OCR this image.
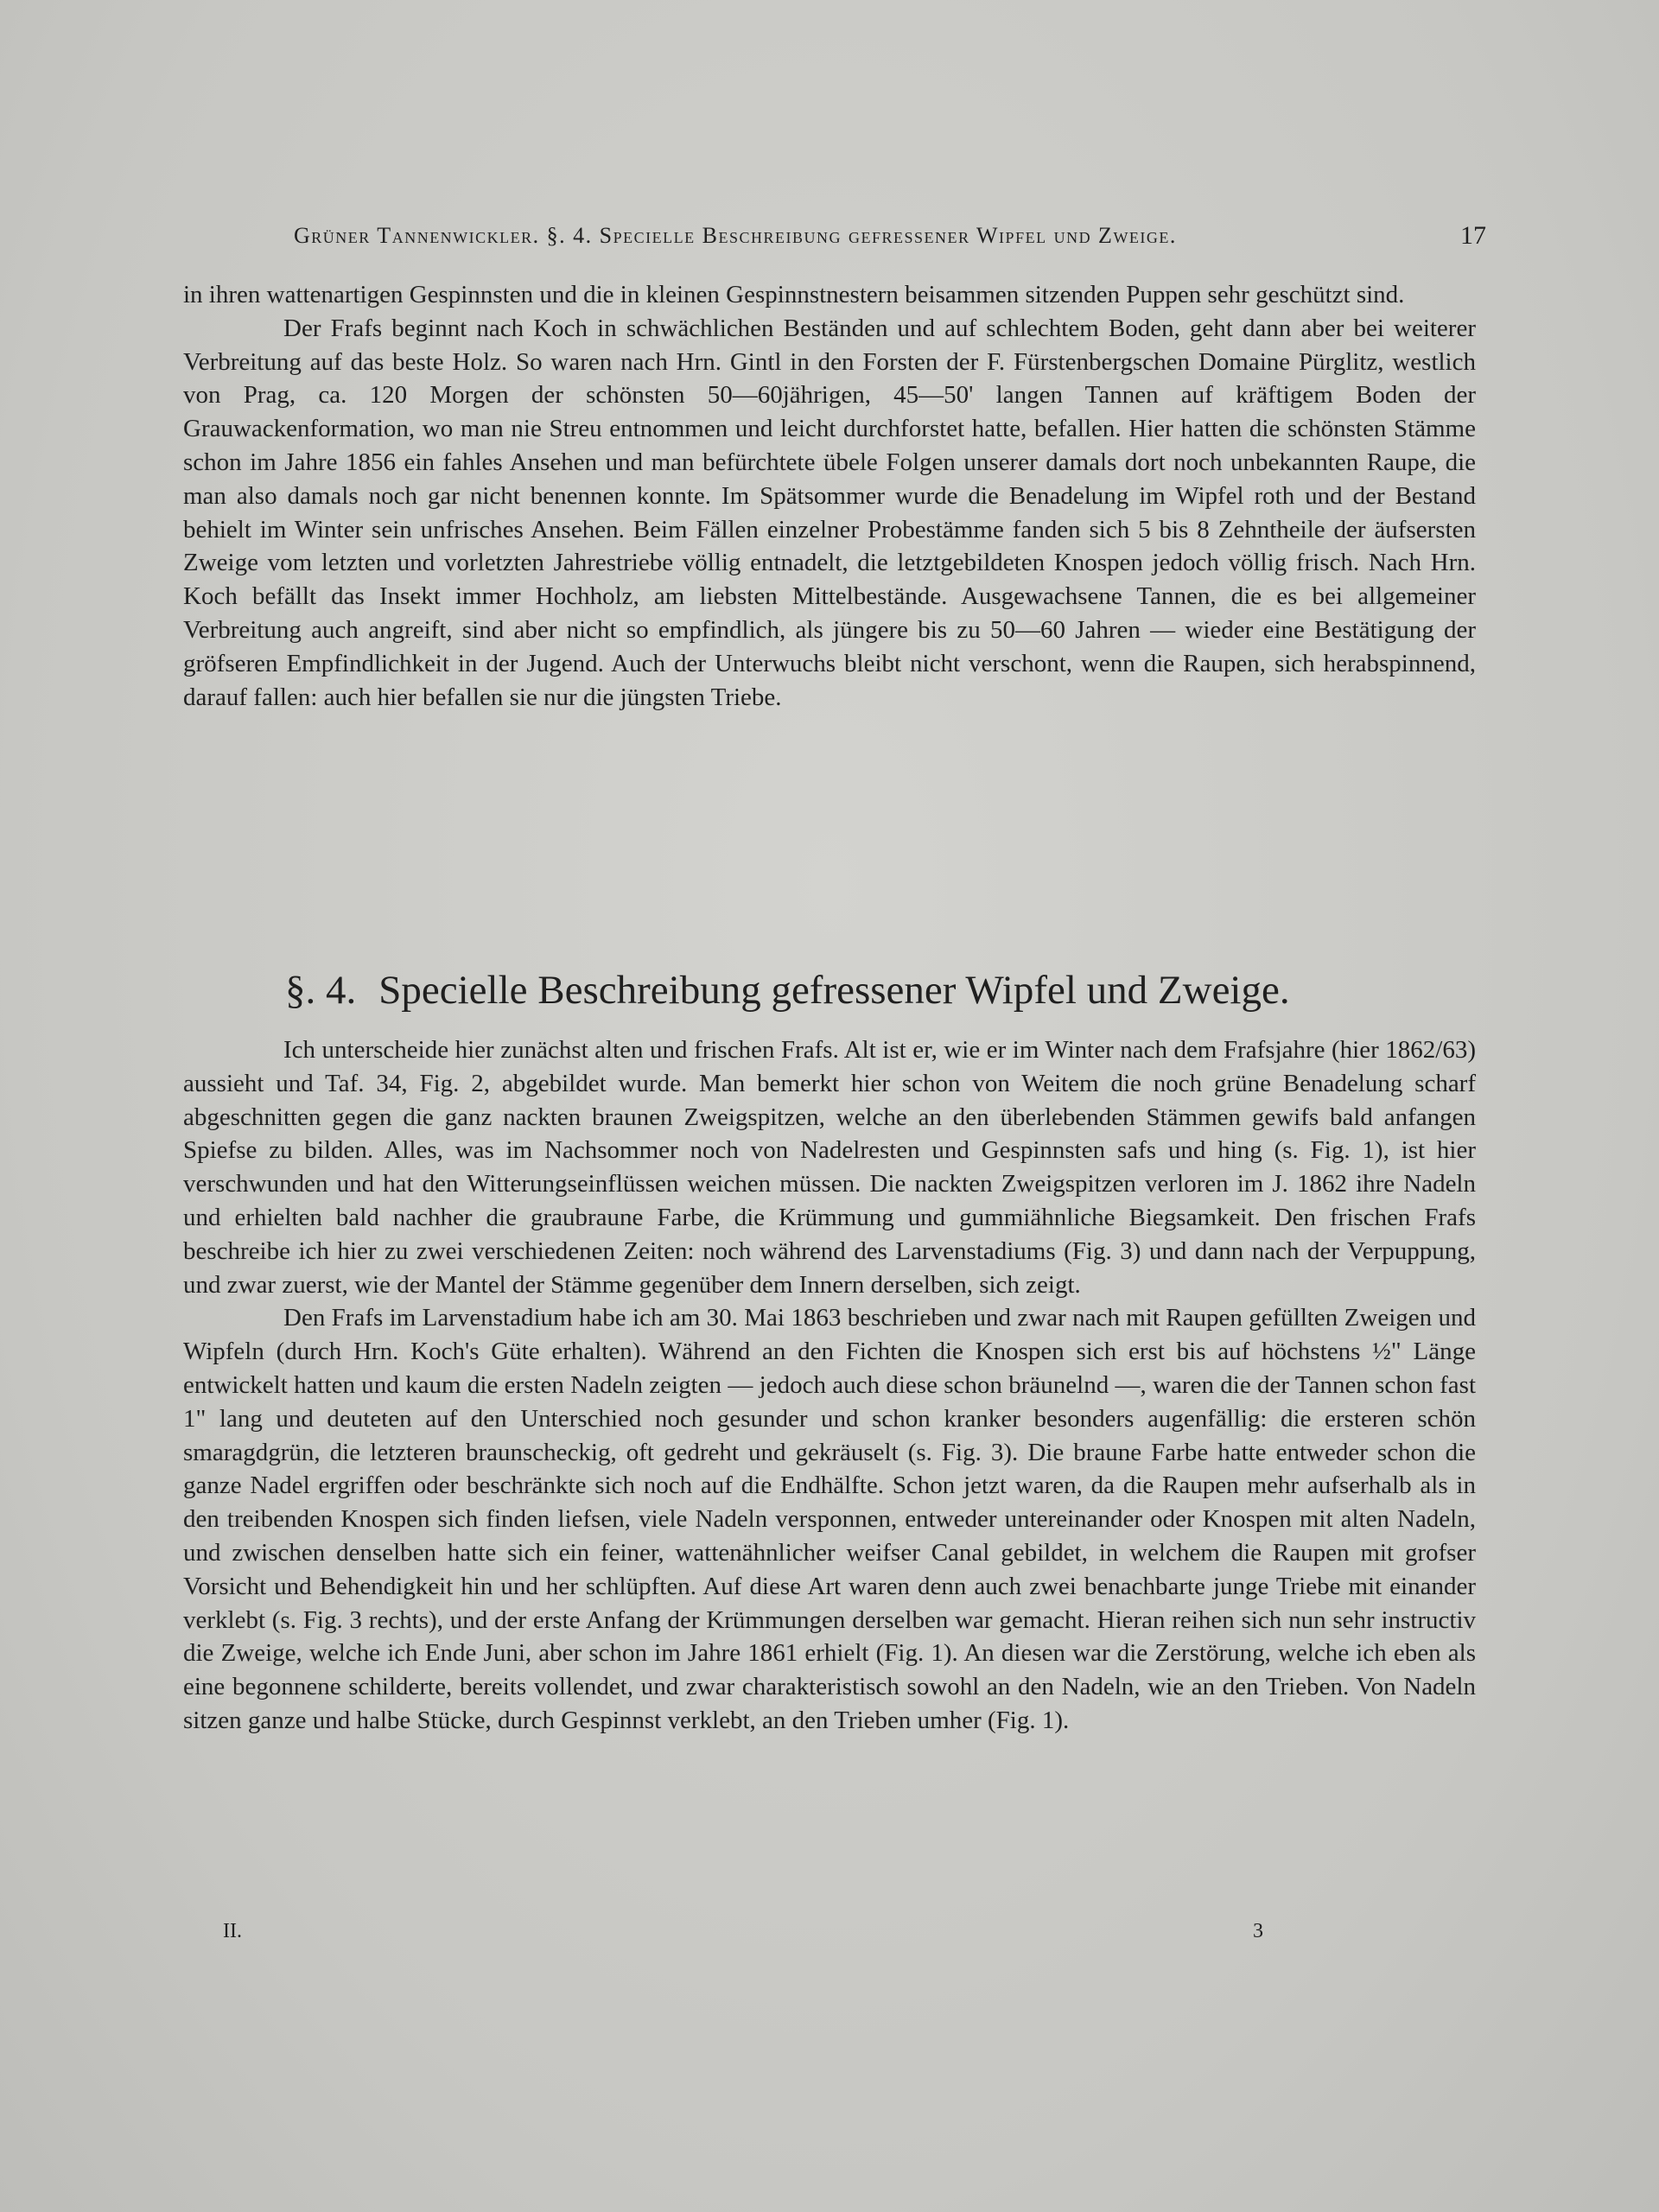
Grüner Tannenwickler. §. 4. Specielle Beschreibung gefressener Wipfel und Zweige.	17

in ihren wattenartigen Gespinnsten und die in kleinen Gespinnstnestern beisammen sitzenden Puppen sehr geschützt sind.

Der Frafs beginnt nach Koch in schwächlichen Beständen und auf schlechtem Boden, geht dann aber bei weiterer Verbreitung auf das beste Holz. So waren nach Hrn. Gintl in den Forsten der F. Fürstenbergschen Domaine Pürglitz, westlich von Prag, ca. 120 Morgen der schönsten 50—60jährigen, 45—50' langen Tannen auf kräftigem Boden der Grauwackenformation, wo man nie Streu entnommen und leicht durchforstet hatte, befallen. Hier hatten die schönsten Stämme schon im Jahre 1856 ein fahles Ansehen und man befürchtete übele Folgen unserer damals dort noch unbekannten Raupe, die man also damals noch gar nicht benennen konnte. Im Spätsommer wurde die Benadelung im Wipfel roth und der Bestand behielt im Winter sein unfrisches Ansehen. Beim Fällen einzelner Probestämme fanden sich 5 bis 8 Zehntheile der äufsersten Zweige vom letzten und vorletzten Jahrestriebe völlig entnadelt, die letztgebildeten Knospen jedoch völlig frisch. Nach Hrn. Koch befällt das Insekt immer Hochholz, am liebsten Mittelbestände. Ausgewachsene Tannen, die es bei allgemeiner Verbreitung auch angreift, sind aber nicht so empfindlich, als jüngere bis zu 50—60 Jahren — wieder eine Bestätigung der gröfseren Empfindlichkeit in der Jugend. Auch der Unterwuchs bleibt nicht verschont, wenn die Raupen, sich herabspinnend, darauf fallen: auch hier befallen sie nur die jüngsten Triebe.

§. 4. Specielle Beschreibung gefressener Wipfel und Zweige.

Ich unterscheide hier zunächst alten und frischen Frafs. Alt ist er, wie er im Winter nach dem Frafsjahre (hier 1862/63) aussieht und Taf. 34, Fig. 2, abgebildet wurde. Man bemerkt hier schon von Weitem die noch grüne Benadelung scharf abgeschnitten gegen die ganz nackten braunen Zweigspitzen, welche an den überlebenden Stämmen gewifs bald anfangen Spiefse zu bilden. Alles, was im Nachsommer noch von Nadelresten und Gespinnsten safs und hing (s. Fig. 1), ist hier verschwunden und hat den Witterungseinflüssen weichen müssen. Die nackten Zweigspitzen verloren im J. 1862 ihre Nadeln und erhielten bald nachher die graubraune Farbe, die Krümmung und gummiähnliche Biegsamkeit. Den frischen Frafs beschreibe ich hier zu zwei verschiedenen Zeiten: noch während des Larvenstadiums (Fig. 3) und dann nach der Verpuppung, und zwar zuerst, wie der Mantel der Stämme gegenüber dem Innern derselben, sich zeigt.

Den Frafs im Larvenstadium habe ich am 30. Mai 1863 beschrieben und zwar nach mit Raupen gefüllten Zweigen und Wipfeln (durch Hrn. Koch's Güte erhalten). Während an den Fichten die Knospen sich erst bis auf höchstens ½" Länge entwickelt hatten und kaum die ersten Nadeln zeigten — jedoch auch diese schon bräunelnd —, waren die der Tannen schon fast 1" lang und deuteten auf den Unterschied noch gesunder und schon kranker besonders augenfällig: die ersteren schön smaragdgrün, die letzteren braunscheckig, oft gedreht und gekräuselt (s. Fig. 3). Die braune Farbe hatte entweder schon die ganze Nadel ergriffen oder beschränkte sich noch auf die Endhälfte. Schon jetzt waren, da die Raupen mehr aufserhalb als in den treibenden Knospen sich finden liefsen, viele Nadeln versponnen, entweder untereinander oder Knospen mit alten Nadeln, und zwischen denselben hatte sich ein feiner, wattenähnlicher weifser Canal gebildet, in welchem die Raupen mit grofser Vorsicht und Behendigkeit hin und her schlüpften. Auf diese Art waren denn auch zwei benachbarte junge Triebe mit einander verklebt (s. Fig. 3 rechts), und der erste Anfang der Krümmungen derselben war gemacht. Hieran reihen sich nun sehr instructiv die Zweige, welche ich Ende Juni, aber schon im Jahre 1861 erhielt (Fig. 1). An diesen war die Zerstörung, welche ich eben als eine begonnene schilderte, bereits vollendet, und zwar charakteristisch sowohl an den Nadeln, wie an den Trieben. Von Nadeln sitzen ganze und halbe Stücke, durch Gespinnst verklebt, an den Trieben umher (Fig. 1).

II.	3
